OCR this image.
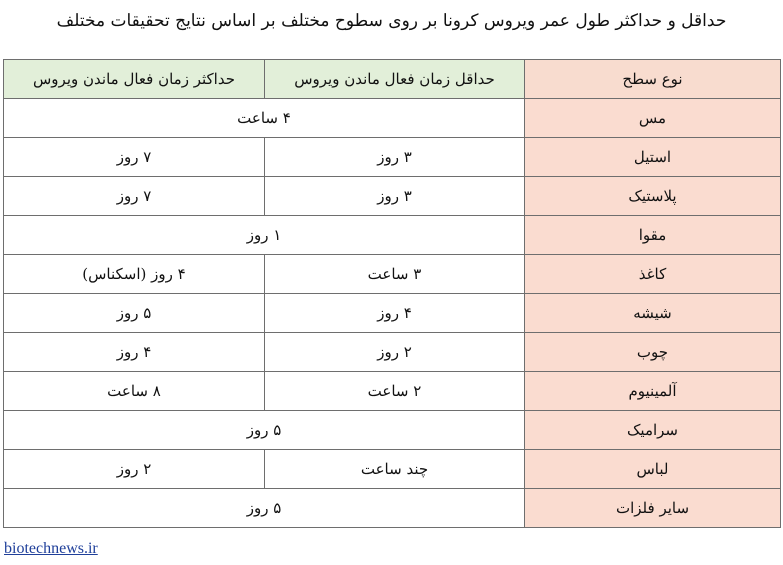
حداقل و حداکثر طول عمر ویروس کرونا بر روی سطوح مختلف بر اساس نتایج تحقیقات مختلف
نوع سطح	حداقل زمان فعال ماندن ویروس	حداکثر زمان فعال ماندن ویروس
مس	۴ ساعت	
استیل	۳ روز	۷ روز
پلاستیک	۳ روز	۷ روز
مقوا	۱ روز	
کاغذ	۳ ساعت	۴ روز (اسکناس)
شیشه	۴ روز	۵ روز
چوب	۲ روز	۴ روز
آلمینیوم	۲ ساعت	۸ ساعت
سرامیک	۵ روز	
لباس	چند ساعت	۲ روز
سایر فلزات	۵ روز	
biotechnews.ir
